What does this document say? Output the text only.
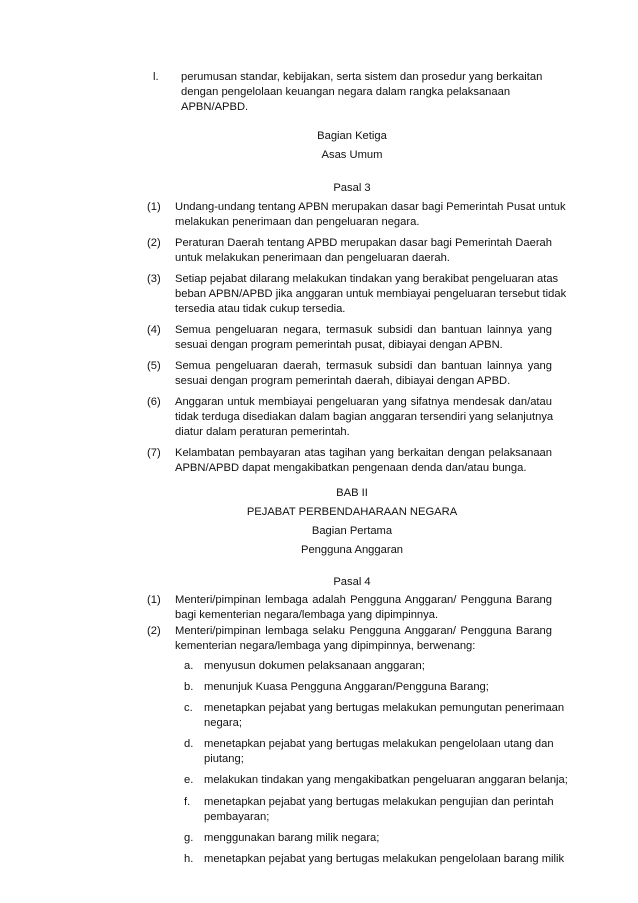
l. perumusan standar, kebijakan, serta sistem dan prosedur yang berkaitan
dengan pengelolaan keuangan negara dalam rangka pelaksanaan
APBN/APBD.
Bagian Ketiga
Asas Umum
Pasal 3
(1) Undang-undang tentang APBN merupakan dasar bagi Pemerintah Pusat untuk
melakukan penerimaan dan pengeluaran negara.
(2) Peraturan Daerah tentang APBD merupakan dasar bagi Pemerintah Daerah
untuk melakukan penerimaan dan pengeluaran daerah.
(3) Setiap pejabat dilarang melakukan tindakan yang berakibat pengeluaran atas
beban APBN/APBD jika anggaran untuk membiayai pengeluaran tersebut tidak
tersedia atau tidak cukup tersedia.
(4) Semua pengeluaran negara, termasuk subsidi dan bantuan lainnya yang
sesuai dengan program pemerintah pusat, dibiayai dengan APBN.
(5) Semua pengeluaran daerah, termasuk subsidi dan bantuan lainnya yang
sesuai dengan program pemerintah daerah, dibiayai dengan APBD.
(6) Anggaran untuk membiayai pengeluaran yang sifatnya mendesak dan/atau
tidak terduga disediakan dalam bagian anggaran tersendiri yang selanjutnya
diatur dalam peraturan pemerintah.
(7) Kelambatan pembayaran atas tagihan yang berkaitan dengan pelaksanaan
APBN/APBD dapat mengakibatkan pengenaan denda dan/atau bunga.
BAB II
PEJABAT PERBENDAHARAAN NEGARA
Bagian Pertama
Pengguna Anggaran
Pasal 4
(1) Menteri/pimpinan lembaga adalah Pengguna Anggaran/ Pengguna Barang
bagi kementerian negara/lembaga yang dipimpinnya.
(2) Menteri/pimpinan lembaga selaku Pengguna Anggaran/ Pengguna Barang
kementerian negara/lembaga yang dipimpinnya, berwenang:
a. menyusun dokumen pelaksanaan anggaran;
b. menunjuk Kuasa Pengguna Anggaran/Pengguna Barang;
c. menetapkan pejabat yang bertugas melakukan pemungutan penerimaan
negara;
d. menetapkan pejabat yang bertugas melakukan pengelolaan utang dan
piutang;
e. melakukan tindakan yang mengakibatkan pengeluaran anggaran belanja;
f. menetapkan pejabat yang bertugas melakukan pengujian dan perintah
pembayaran;
g. menggunakan barang milik negara;
h. menetapkan pejabat yang bertugas melakukan pengelolaan barang milik
